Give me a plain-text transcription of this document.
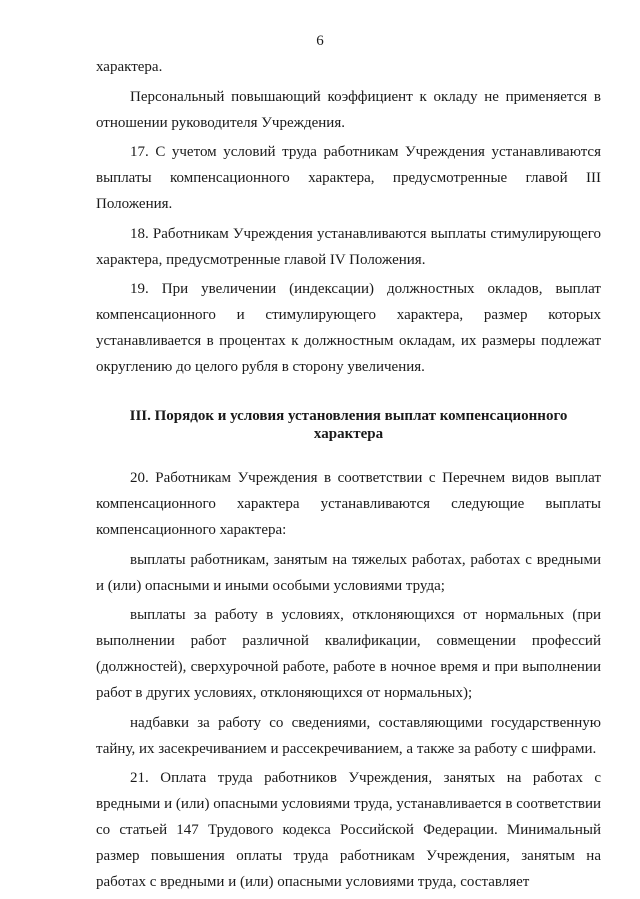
6

характера.

Персональный повышающий коэффициент к окладу не применяется в отношении руководителя Учреждения.

17. С учетом условий труда работникам Учреждения устанавливаются выплаты компенсационного характера, предусмотренные главой III Положения.

18. Работникам Учреждения устанавливаются выплаты стимулирующего характера, предусмотренные главой IV Положения.

19. При увеличении (индексации) должностных окладов, выплат компенсационного и стимулирующего характера, размер которых устанавливается в процентах к должностным окладам, их размеры подлежат округлению до целого рубля в сторону увеличения.

III. Порядок и условия установления выплат компенсационного характера

20. Работникам Учреждения в соответствии с Перечнем видов выплат компенсационного характера устанавливаются следующие выплаты компенсационного характера:

выплаты работникам, занятым на тяжелых работах, работах с вредными и (или) опасными и иными особыми условиями труда;

выплаты за работу в условиях, отклоняющихся от нормальных (при выполнении работ различной квалификации, совмещении профессий (должностей), сверхурочной работе, работе в ночное время и при выполнении работ в других условиях, отклоняющихся от нормальных);

надбавки за работу со сведениями, составляющими государственную тайну, их засекречиванием и рассекречиванием, а также за работу с шифрами.

21. Оплата труда работников Учреждения, занятых на работах с вредными и (или) опасными условиями труда, устанавливается в соответствии со статьей 147 Трудового кодекса Российской Федерации. Минимальный размер повышения оплаты труда работникам Учреждения, занятым на работах с вредными и (или) опасными условиями труда, составляет
